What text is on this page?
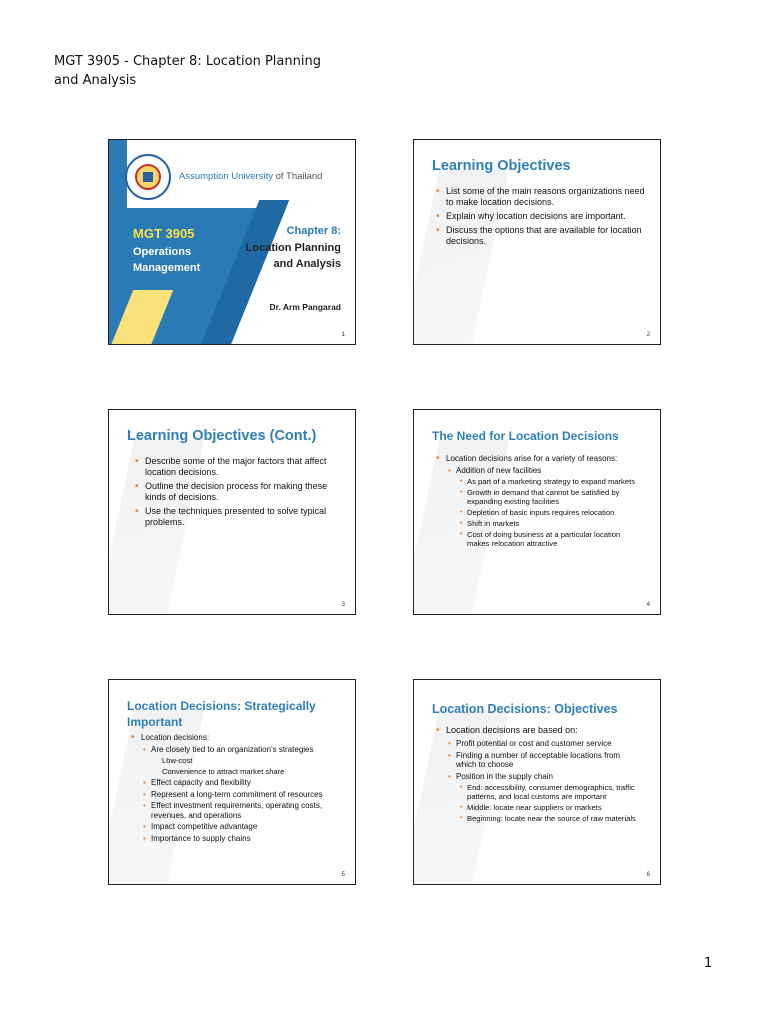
MGT 3905 - Chapter 8: Location Planning and Analysis
Assumption University of Thailand
MGT 3905
Operations Management
Chapter 8:
Location Planning and Analysis
Dr. Arm Pangarad
1
Learning Objectives
• List some of the main reasons organizations need to make location decisions.
• Explain why location decisions are important.
• Discuss the options that are available for location decisions.
2
Learning Objectives (Cont.)
• Describe some of the major factors that affect location decisions.
• Outline the decision process for making these kinds of decisions.
• Use the techniques presented to solve typical problems.
3
The Need for Location Decisions
• Location decisions arise for a variety of reasons:
• Addition of new facilities
• As part of a marketing strategy to expand markets
• Growth in demand that cannot be satisfied by expanding existing facilities
• Depletion of basic inputs requires relocation
• Shift in markets
• Cost of doing business at a particular location makes relocation attractive
4
Location Decisions: Strategically Important
• Location decisions:
• Are closely tied to an organization's strategies
• Low-cost
• Convenience to attract market share
• Effect capacity and flexibility
• Represent a long-term commitment of resources
• Effect investment requirements, operating costs, revenues, and operations
• Impact competitive advantage
• Importance to supply chains
5
Location Decisions: Objectives
• Location decisions are based on:
• Profit potential or cost and customer service
• Finding a number of acceptable locations from which to choose
• Position in the supply chain
• End: accessibility, consumer demographics, traffic patterns, and local customs are important
• Middle: locate near suppliers or markets
• Beginning: locate near the source of raw materials
6
1
